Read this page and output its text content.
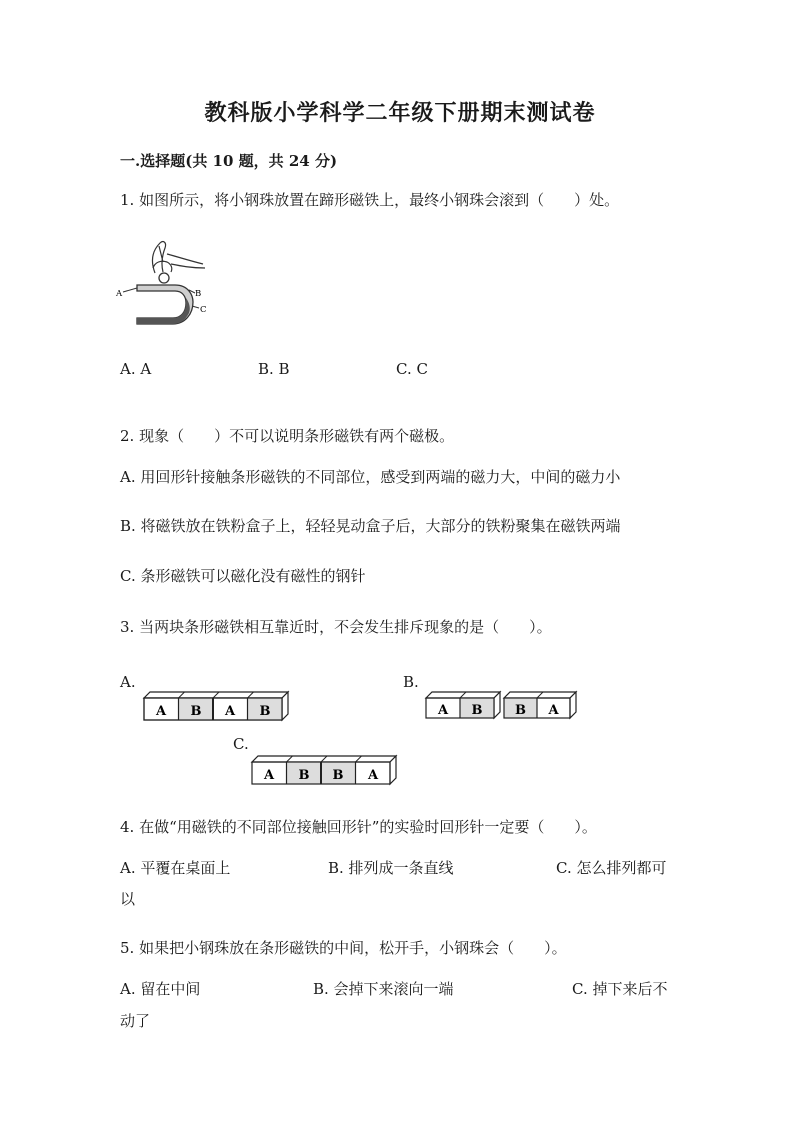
教科版小学科学二年级下册期末测试卷
一.选择题(共 10 题，共 24 分)
1. 如图所示，将小钢珠放置在蹄形磁铁上，最终小钢珠会滚到（　　）处。
A	B
C
A. A	B. B	C. C
2. 现象（　　）不可以说明条形磁铁有两个磁极。
A. 用回形针接触条形磁铁的不同部位，感受到两端的磁力大，中间的磁力小
B. 将磁铁放在铁粉盒子上，轻轻晃动盒子后，大部分的铁粉聚集在磁铁两端
C. 条形磁铁可以磁化没有磁性的钢针
3. 当两块条形磁铁相互靠近时，不会发生排斥现象的是（　　）。
A.
A B A B
B.
A B	B A
C.
A B B A
4. 在做“用磁铁的不同部位接触回形针”的实验时回形针一定要（　　）。
A. 平覆在桌面上	B. 排列成一条直线	C. 怎么排列都可
以
5. 如果把小钢珠放在条形磁铁的中间，松开手，小钢珠会（　　）。
A. 留在中间	B. 会掉下来滚向一端	C. 掉下来后不
动了
